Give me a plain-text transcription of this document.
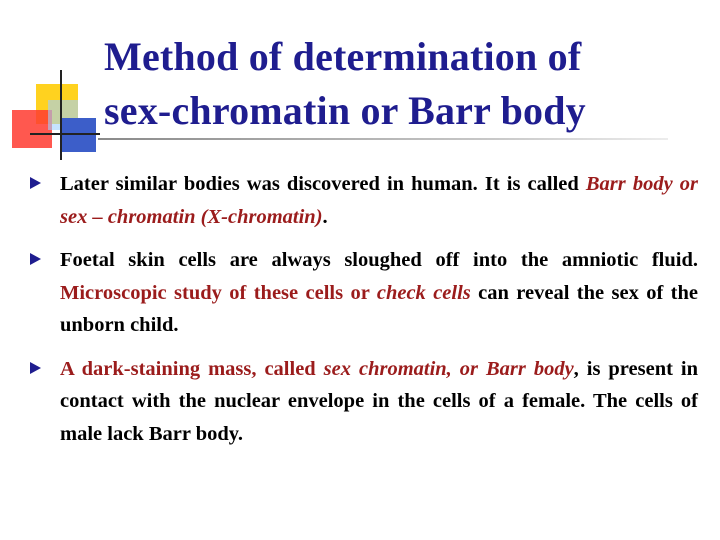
Method of determination of
sex-chromatin or Barr body

Later similar bodies was discovered in human. It is called Barr body or sex – chromatin (X-chromatin).

Foetal skin cells are always sloughed off into the amniotic fluid. Microscopic study of these cells or check cells can reveal the sex of the unborn child.

A dark-staining mass, called sex chromatin, or Barr body, is present in contact with the nuclear envelope in the cells of a female. The cells of male lack Barr body.
